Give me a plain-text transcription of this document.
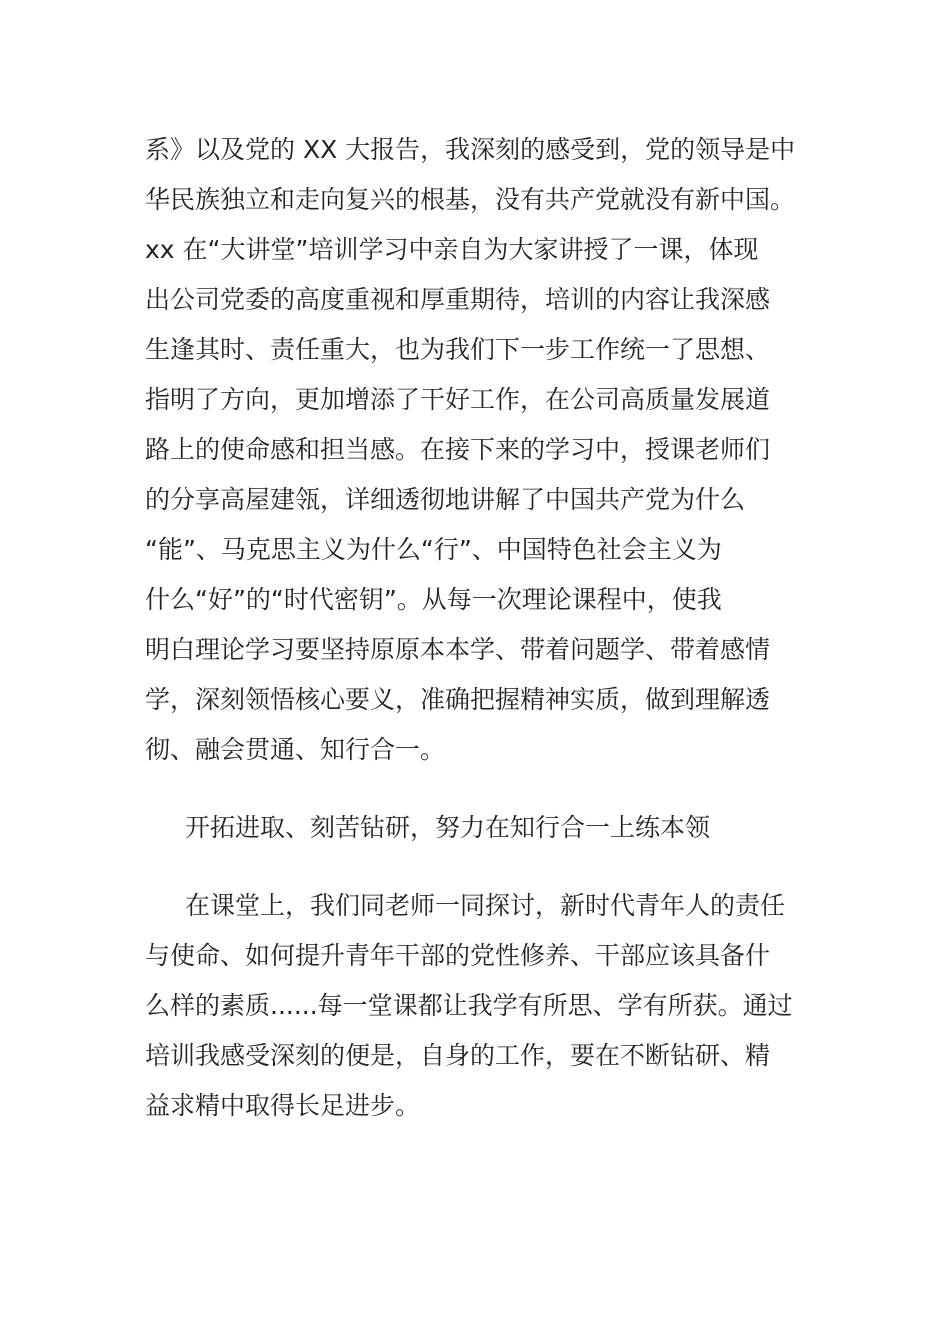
系》以及党的 XX 大报告，我深刻的感受到，党的领导是中
华民族独立和走向复兴的根基，没有共产党就没有新中国。
xx 在“大讲堂”培训学习中亲自为大家讲授了一课，体现
出公司党委的高度重视和厚重期待，培训的内容让我深感
生逢其时、责任重大，也为我们下一步工作统一了思想、
指明了方向，更加增添了干好工作，在公司高质量发展道
路上的使命感和担当感。在接下来的学习中，授课老师们
的分享高屋建瓴，详细透彻地讲解了中国共产党为什么
“能”、马克思主义为什么“行”、中国特色社会主义为
什么“好”的“时代密钥”。从每一次理论课程中，使我
明白理论学习要坚持原原本本学、带着问题学、带着感情
学，深刻领悟核心要义，准确把握精神实质，做到理解透
彻、融会贯通、知行合一。
开拓进取、刻苦钻研，努力在知行合一上练本领
在课堂上，我们同老师一同探讨，新时代青年人的责任
与使命、如何提升青年干部的党性修养、干部应该具备什
么样的素质......每一堂课都让我学有所思、学有所获。通过
培训我感受深刻的便是，自身的工作，要在不断钻研、精
益求精中取得长足进步。
